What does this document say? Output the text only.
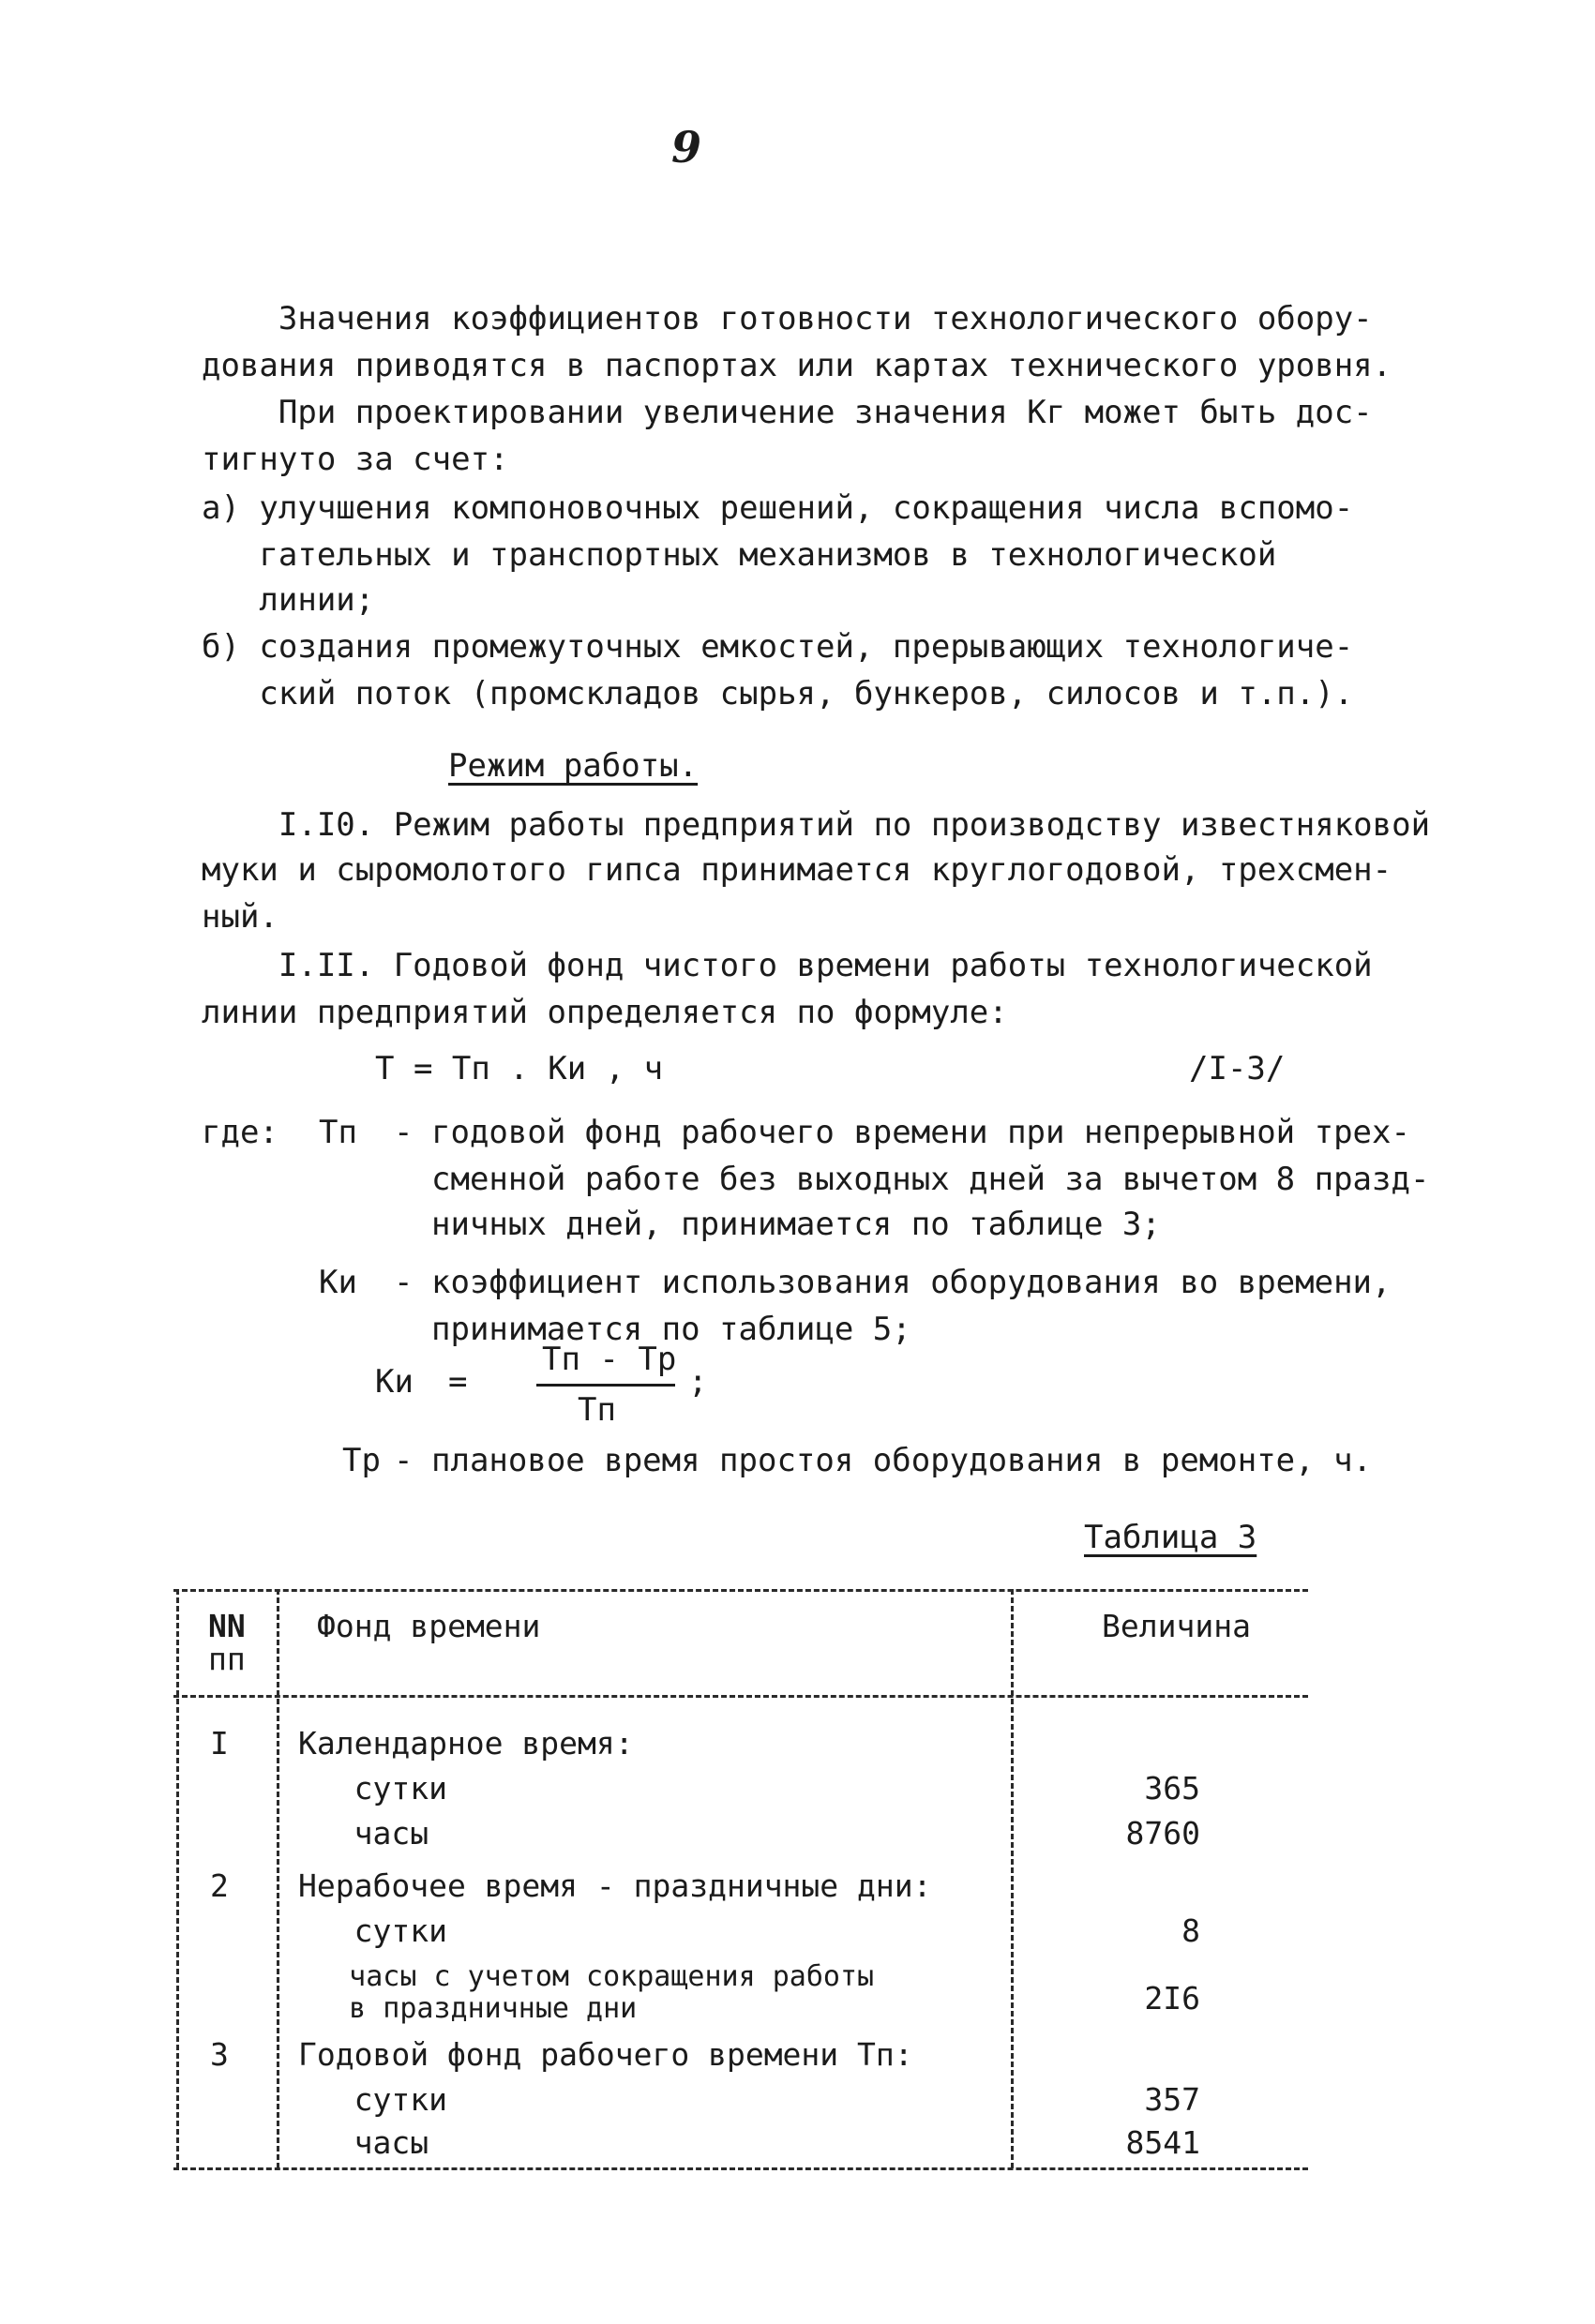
9
Значения коэффициентов готовности технологического обору-
дования приводятся в паспортах или картах технического уровня.
При проектировании увеличение значения Кг может быть дос-
тигнуто за счет:
а) улучшения компоновочных решений, сокращения числа вспомо-
гательных и транспортных механизмов в технологической
линии;
б) создания промежуточных емкостей, прерывающих технологиче-
ский поток (промскладов сырья, бункеров, силосов и т.п.).
Режим работы.
I.I0. Режим работы предприятий по производству известняковой
муки и сыромолотого гипса принимается круглогодовой, трехсмен-
ный.
I.II. Годовой фонд чистого времени работы технологической
линии предприятий определяется по формуле:
Т = Тп . Ки , ч	/I-3/
где: Тп - годовой фонд рабочего времени при непрерывной трех-
сменной работе без выходных дней за вычетом 8 празд-
ничных дней, принимается по таблице 3;
Ки - коэффициент использования оборудования во времени,
принимается по таблице 5;
Ки =
Тп - Тр
Тп
;
Тр - плановое время простоя оборудования в ремонте, ч.
Таблица 3
NN
пп
Фонд времени	Величина
I Календарное время:
сутки	365
часы	8760
2 Нерабочее время - праздничные дни:
сутки	8
часы с учетом сокращения работы
в праздничные дни	2I6
3 Годовой фонд рабочего времени Тп:
сутки	357
часы	8541
